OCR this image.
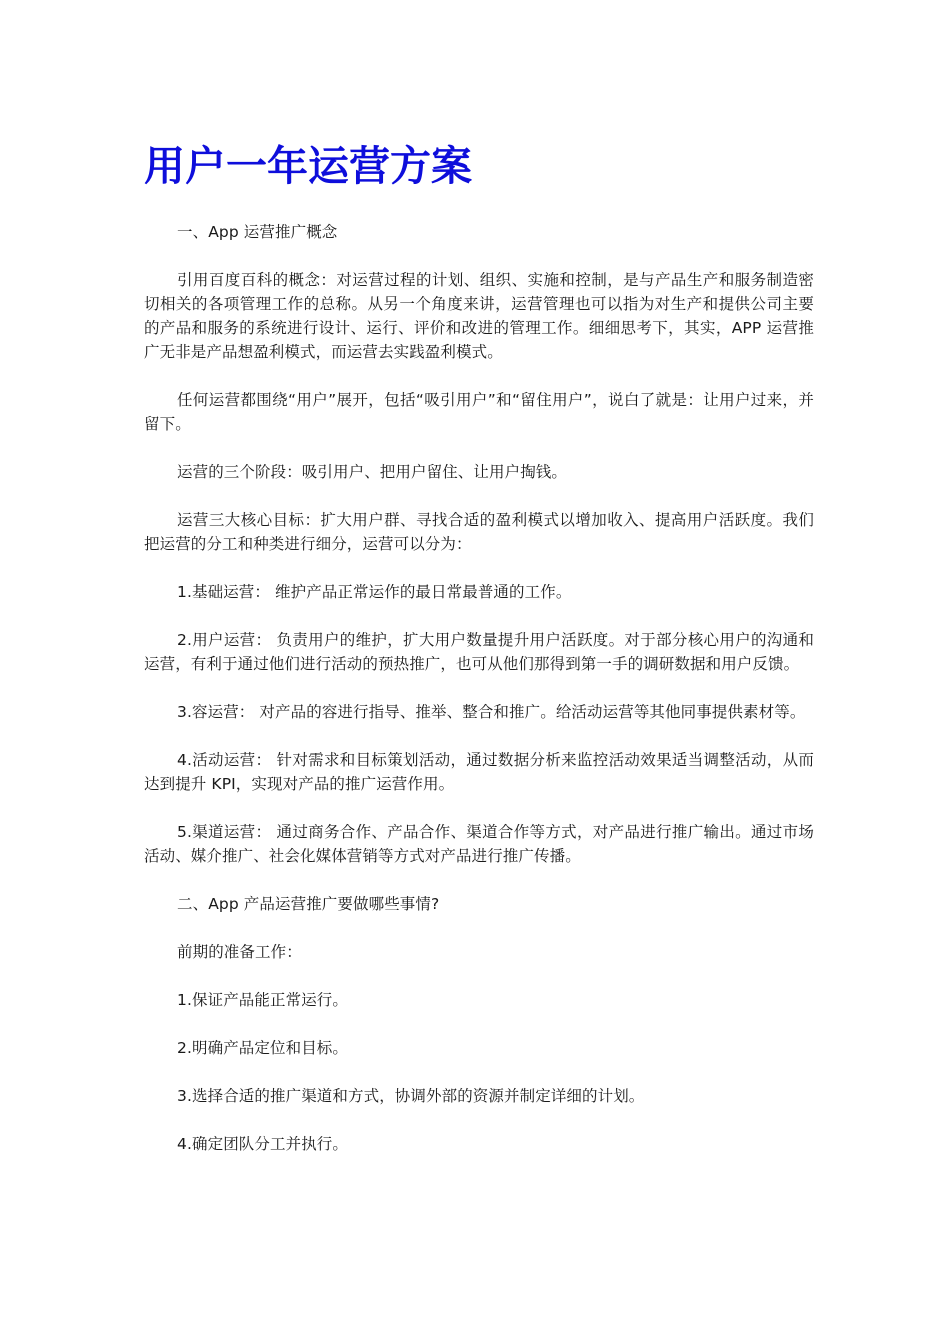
用户一年运营方案

一、App 运营推广概念

引用百度百科的概念：对运营过程的计划、组织、实施和控制，是与产品生产和服务制造密切相关的各项管理工作的总称。从另一个角度来讲，运营管理也可以指为对生产和提供公司主要的产品和服务的系统进行设计、运行、评价和改进的管理工作。细细思考下，其实，APP 运营推广无非是产品想盈利模式，而运营去实践盈利模式。

任何运营都围绕“用户”展开，包括“吸引用户”和“留住用户”，说白了就是：让用户过来，并留下。

运营的三个阶段：吸引用户、把用户留住、让用户掏钱。

运营三大核心目标：扩大用户群、寻找合适的盈利模式以增加收入、提高用户活跃度。我们把运营的分工和种类进行细分，运营可以分为：

1.基础运营： 维护产品正常运作的最日常最普通的工作。

2.用户运营： 负责用户的维护，扩大用户数量提升用户活跃度。对于部分核心用户的沟通和运营，有利于通过他们进行活动的预热推广，也可从他们那得到第一手的调研数据和用户反馈。

3.容运营： 对产品的容进行指导、推举、整合和推广。给活动运营等其他同事提供素材等。

4.活动运营： 针对需求和目标策划活动，通过数据分析来监控活动效果适当调整活动，从而达到提升 KPI，实现对产品的推广运营作用。

5.渠道运营： 通过商务合作、产品合作、渠道合作等方式，对产品进行推广输出。通过市场活动、媒介推广、社会化媒体营销等方式对产品进行推广传播。

二、App 产品运营推广要做哪些事情?

前期的准备工作：

1.保证产品能正常运行。

2.明确产品定位和目标。

3.选择合适的推广渠道和方式，协调外部的资源并制定详细的计划。

4.确定团队分工并执行。
